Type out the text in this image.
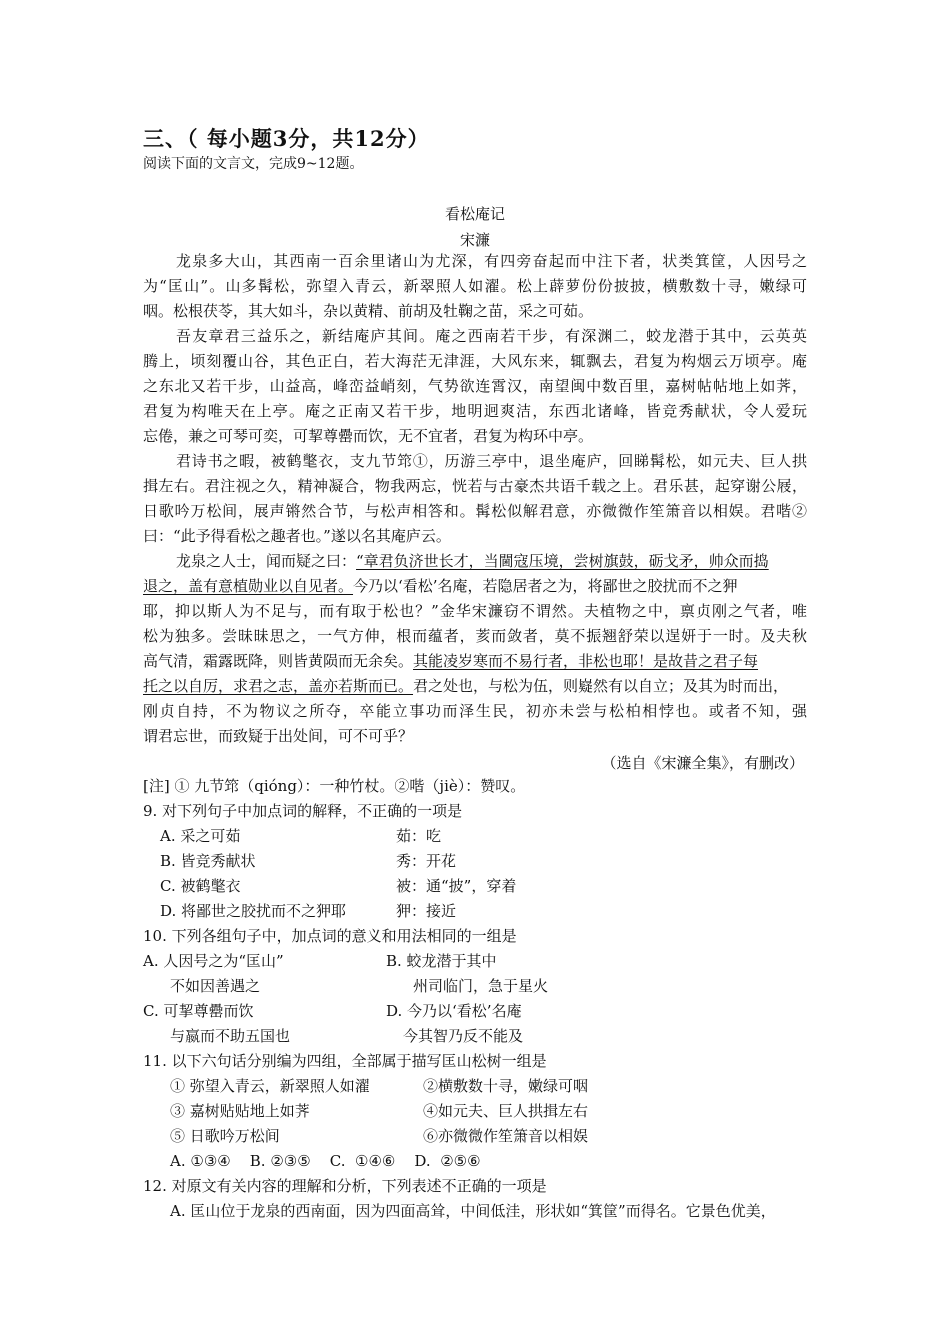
三、（ 每小题3分，共12分）
阅读下面的文言文，完成9~12题。
看松庵记
宋濂
龙泉多大山，其西南一百余里诸山为尤深，有四旁奋起而中注下者，状类箕筐，人因号之
为“匡山”。山多髯松，弥望入青云，新翠照人如濯。松上薜萝份份披披，横敷数十寻，嫩绿可
咽。松根茯苓，其大如斗，杂以黄精、前胡及牡鞠之苗，采之可茹。
吾友章君三益乐之，新结庵庐其间。庵之西南若干步，有深渊二，蛟龙潜于其中，云英英
腾上，顷刻覆山谷，其色正白，若大海茫无津涯，大风东来，辄飘去，君复为构烟云万顷亭。庵
之东北又若干步，山益高，峰峦益峭刻，气势欲连霄汉，南望闽中数百里，嘉树帖帖地上如荠，
君复为构唯天在上亭。庵之正南又若干步，地明迥爽洁，东西北诸峰，皆竞秀献状，令人爱玩
忘倦，兼之可琴可奕，可挈尊罍而饮，无不宜者，君复为构环中亭。
君诗书之暇，被鹤氅衣，支九节筇①，历游三亭中，退坐庵庐，回睇髯松，如元夫、巨人拱
揖左右。君注视之久，精神凝合，物我两忘，恍若与古豪杰共语千载之上。君乐甚，起穿谢公屐，
日歌吟万松间，展声锵然合节，与松声相答和。髯松似解君意，亦微微作笙箫音以相娱。君喈②
曰：“此予得看松之趣者也。”遂以名其庵庐云。
龙泉之人士，闻而疑之曰：“章君负济世长才，当閫寇压境，尝树旗鼓，砺戈矛，帅众而捣
退之，盖有意植勋业以自见者。今乃以‘看松’名庵，若隐居者之为，将鄙世之胶扰而不之狎
耶，抑以斯人为不足与，而有取于松也？”金华宋濂窃不谓然。夫植物之中，禀贞刚之气者，唯
松为独多。尝昧昧思之，一气方伸，根而蕴者，荄而敛者，莫不振翘舒荣以逞妍于一时。及夫秋
高气清，霜露既降，则皆黄陨而无余矣。其能凌岁寒而不易行者，非松也耶！是故昔之君子每
托之以自厉，求君之志，盖亦若斯而已。君之处也，与松为伍，则嶷然有以自立；及其为时而出，
刚贞自持，不为物议之所夺，卒能立事功而泽生民，初亦未尝与松柏相悖也。或者不知，强
谓君忘世，而致疑于出处间，可不可乎？
（选自《宋濂全集》，有删改）
[注] ① 九节筇（qióng）：一种竹杖。②喈（jiè）：赞叹。
9. 对下列句子中加点词的解释，不正确的一项是
A. 采之可茹	茹：吃
B. 皆竞秀献状	秀：开花
C. 被鹤氅衣	被：通“披”，穿着
D. 将鄙世之胶扰而不之狎耶	狎：接近
10. 下列各组句子中，加点词的意义和用法相同的一组是
A. 人因号之为“匡山”	B. 蛟龙潜于其中
不如因善遇之	州司临门，急于星火
C. 可挈尊罍而饮	D. 今乃以‘看松’名庵
与嬴而不助五国也	今其智乃反不能及
11. 以下六句话分别编为四组，全部属于描写匡山松树一组是
① 弥望入青云，新翠照人如濯	②横敷数十寻，嫩绿可咽
③ 嘉树贴贴地上如荠	④如元夫、巨人拱揖左右
⑤ 日歌吟万松间	⑥亦微微作笙箫音以相娱
A. ①③④    B. ②③⑤    C.  ①④⑥    D.  ②⑤⑥
12. 对原文有关内容的理解和分析，下列表述不正确的一项是
A. 匡山位于龙泉的西南面，因为四面高耸，中间低洼，形状如“箕筐”而得名。它景色优美，
